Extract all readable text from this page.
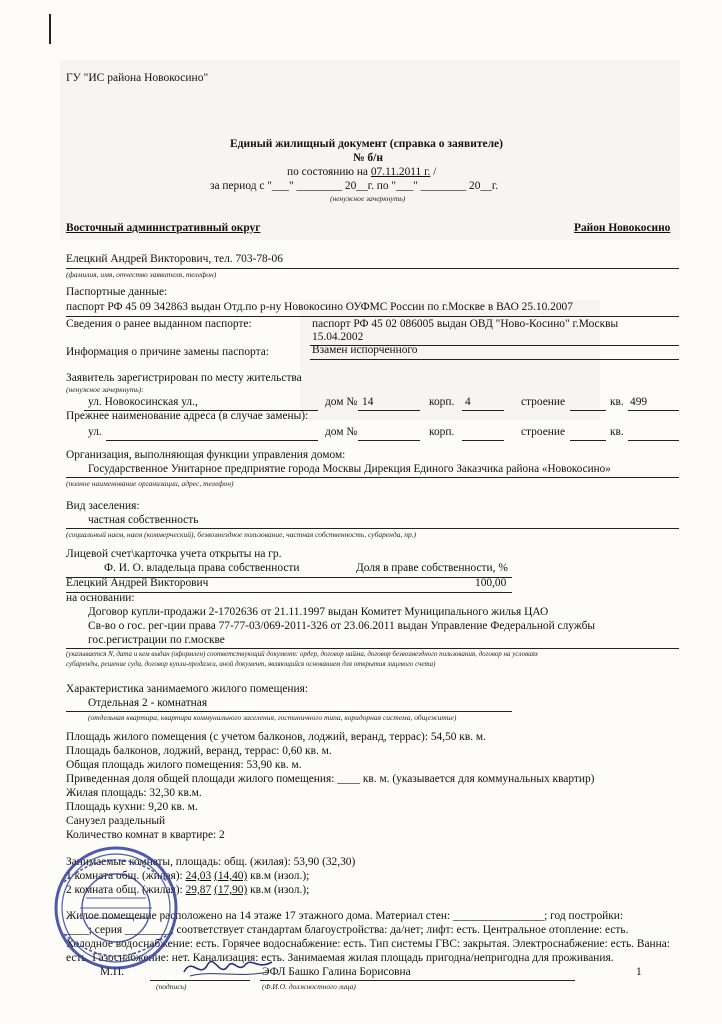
ГУ "ИС района Новокосино"
Единый жилищный документ (справка о заявителе)
№ б/н
по состоянию на 07.11.2011 г. /
за период с "___" ________ 20__г. по "___" ________ 20__г.
(ненужное зачеркнуть)
Восточный административный округ	Район Новокосино
Елецкий Андрей Викторович, тел. 703-78-06
(фамилия, имя, отчество заявителя, телефон)
Паспортные данные:
паспорт РФ 45 09 342863 выдан Отд.по р-ну Новокосино ОУФМС России по г.Москве в ВАО 25.10.2007
Сведения о ранее выданном паспорте:	паспорт РФ 45 02 086005 выдан ОВД "Ново-Косино" г.Москвы
15.04.2002
Информация о причине замены паспорта:	Взамен испорченного
Заявитель зарегистрирован по месту жительства
(ненужное зачеркнуть):
ул. Новокосинская ул.,	дом № 14	корп. 4	строение	кв. 499
Прежнее наименование адреса (в случае замены):
ул.	дом №	корп.	строение	кв.
Организация, выполняющая функции управления домом:
Государственное Унитарное предприятие города Москвы Дирекция Единого Заказчика района «Новокосино»
(полное наименование организации, адрес, телефон)
Вид заселения:
частная собственность
(социальный наем, наем (коммерческий), безвозмездное пользование, частная собственность, субаренда, пр.)
Лицевой счет\карточка учета открыты на гр.
Ф. И. О. владельца права собственности	Доля в праве собственности, %
Елецкий Андрей Викторович	100,00
на основании:
Договор купли-продажи 2-1702636 от 21.11.1997 выдан Комитет Муниципального жилья ЦАО
Св-во о гос. рег-ции права 77-77-03/069-2011-326 от 23.06.2011 выдан Управление Федеральной службы
гос.регистрации по г.москве
(указывается N, дата и кем выдан (оформлен) соответствующий документ: ордер, договор найма, договор безвозмездного пользования, договор на условиях
субаренды, решение суда, договор купли-продажи, иной документ, являющийся основанием для открытия лицевого счета)
Характеристика занимаемого жилого помещения:
Отдельная 2 - комнатная
(отдельная квартира, квартира коммунального заселения, гостиничного типа, коридорная система, общежитие)
Площадь жилого помещения (с учетом балконов, лоджий, веранд, террас): 54,50 кв. м.
Площадь балконов, лоджий, веранд, террас: 0,60 кв. м.
Общая площадь жилого помещения: 53,90 кв. м.
Приведенная доля общей площади жилого помещения: ____ кв. м. (указывается для коммунальных квартир)
Жилая площадь: 32,30 кв.м.
Площадь кухни: 9,20 кв. м.
Санузел раздельный
Количество комнат в квартире: 2
Занимаемые комнаты, площадь: общ. (жилая): 53,90 (32,30)
1 комната общ. (жилая): 24,03 (14,40) кв.м (изол.);
2 комната общ. (жилая): 29,87 (17,90) кв.м (изол.);
Жилое помещение расположено на 14 этаже 17 этажного дома. Материал стен: ________________; год постройки:
____; серия ________; соответствует стандартам благоустройства: да/нет; лифт: есть. Центральное отопление: есть.
Холодное водоснабжение: есть. Горячее водоснабжение: есть. Тип системы ГВС: закрытая. Электроснабжение: есть. Ванна:
есть. Газоснабжение: нет. Канализация: есть. Занимаемая жилая площадь пригодна/непригодна для проживания.
М.П.	ЭФЛ Башко Галина Борисовна
(подпись)	(Ф.И.О. должностного лица)
1
